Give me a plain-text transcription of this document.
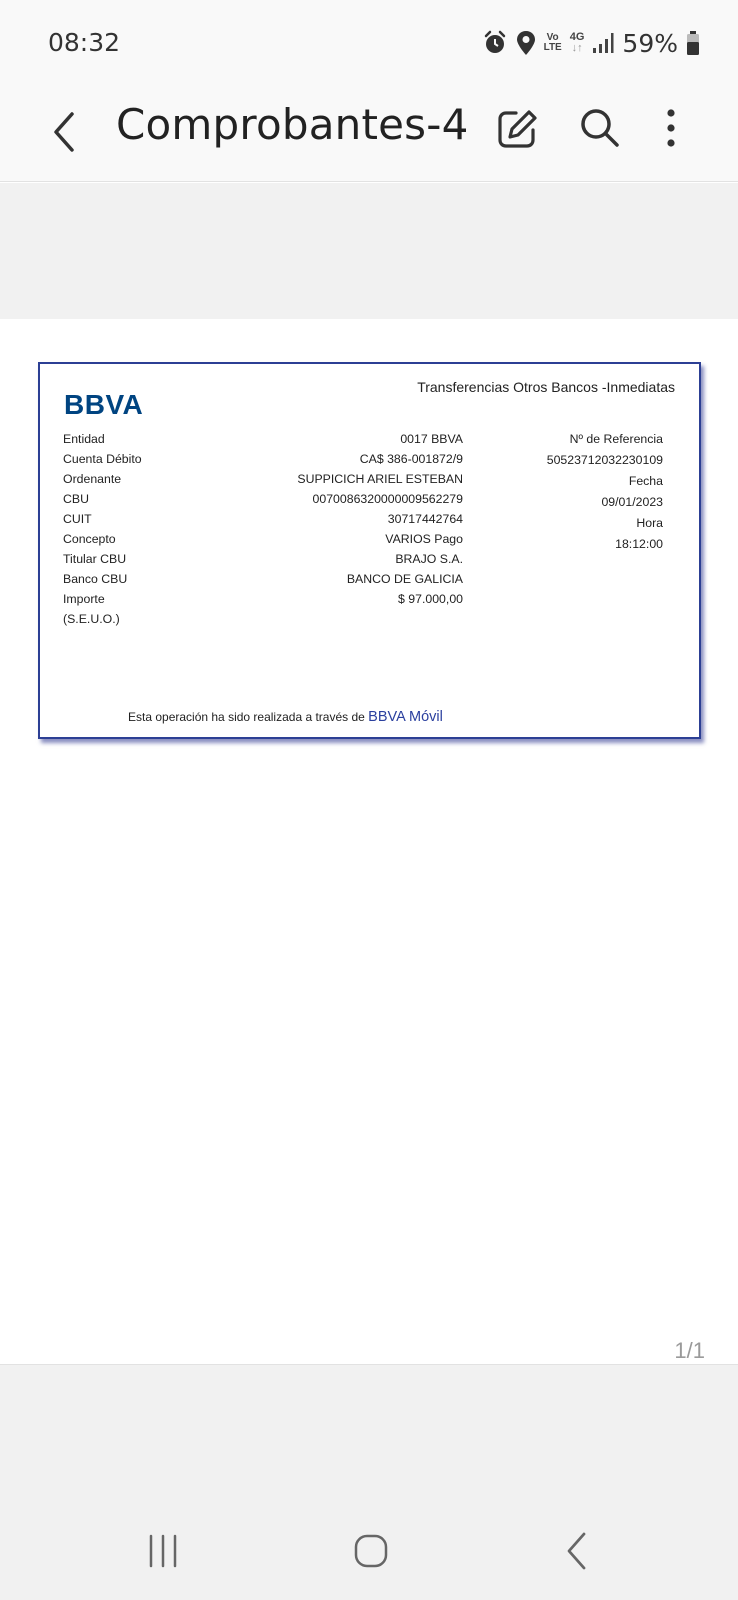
08:32	Vo
LTE
4G
↓↑ 59%
Comprobantes-4
BBVA
Transferencias Otros Bancos -Inmediatas
Entidad	0017 BBVA
Cuenta Débito	CA$ 386-001872/9
Ordenante	SUPPICICH ARIEL ESTEBAN
CBU	0070086320000009562279
CUIT	30717442764
Concepto	VARIOS Pago
Titular CBU	BRAJO S.A.
Banco CBU	BANCO DE GALICIA
Importe	$ 97.000,00
(S.E.U.O.)
Nº de Referencia
50523712032230109
Fecha
09/01/2023
Hora
18:12:00
Esta operación ha sido realizada a través de BBVA Móvil
1/1
